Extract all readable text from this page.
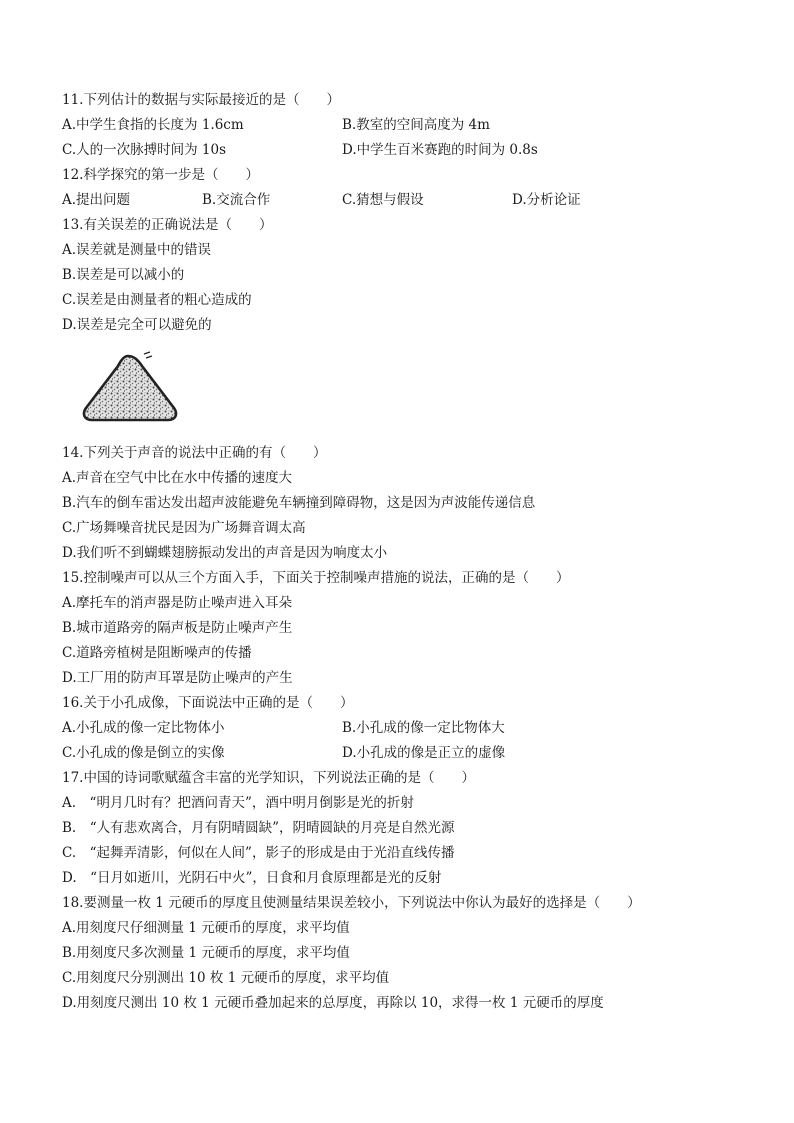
11.下列估计的数据与实际最接近的是（　　）
A.中学生食指的长度为 1.6cm	B.教室的空间高度为 4m
C.人的一次脉搏时间为 10s	D.中学生百米赛跑的时间为 0.8s
12.科学探究的第一步是（　　）
A.提出问题	B.交流合作	C.猜想与假设	D.分析论证
13.有关误差的正确说法是（　　）
A.误差就是测量中的错误
B.误差是可以减小的
C.误差是由测量者的粗心造成的
D.误差是完全可以避免的
14.下列关于声音的说法中正确的有（　　）
A.声音在空气中比在水中传播的速度大
B.汽车的倒车雷达发出超声波能避免车辆撞到障碍物，这是因为声波能传递信息
C.广场舞噪音扰民是因为广场舞音调太高
D.我们听不到蝴蝶翅膀振动发出的声音是因为响度太小
15.控制噪声可以从三个方面入手，下面关于控制噪声措施的说法，正确的是（　　）
A.摩托车的消声器是防止噪声进入耳朵
B.城市道路旁的隔声板是防止噪声产生
C.道路旁植树是阻断噪声的传播
D.工厂用的防声耳罩是防止噪声的产生
16.关于小孔成像，下面说法中正确的是（　　）
A.小孔成的像一定比物体小	B.小孔成的像一定比物体大
C.小孔成的像是倒立的实像	D.小孔成的像是正立的虚像
17.中国的诗词歌赋蕴含丰富的光学知识，下列说法正确的是（　　）
A.　“明月几时有？把酒问青天”，酒中明月倒影是光的折射
B.　“人有悲欢离合，月有阴晴圆缺”，阴晴圆缺的月亮是自然光源
C.　“起舞弄清影，何似在人间”，影子的形成是由于光沿直线传播
D.　“日月如逝川，光阴石中火”，日食和月食原理都是光的反射
18.要测量一枚 1 元硬币的厚度且使测量结果误差较小，下列说法中你认为最好的选择是（　　）
A.用刻度尺仔细测量 1 元硬币的厚度，求平均值
B.用刻度尺多次测量 1 元硬币的厚度，求平均值
C.用刻度尺分别测出 10 枚 1 元硬币的厚度，求平均值
D.用刻度尺测出 10 枚 1 元硬币叠加起来的总厚度，再除以 10，求得一枚 1 元硬币的厚度
